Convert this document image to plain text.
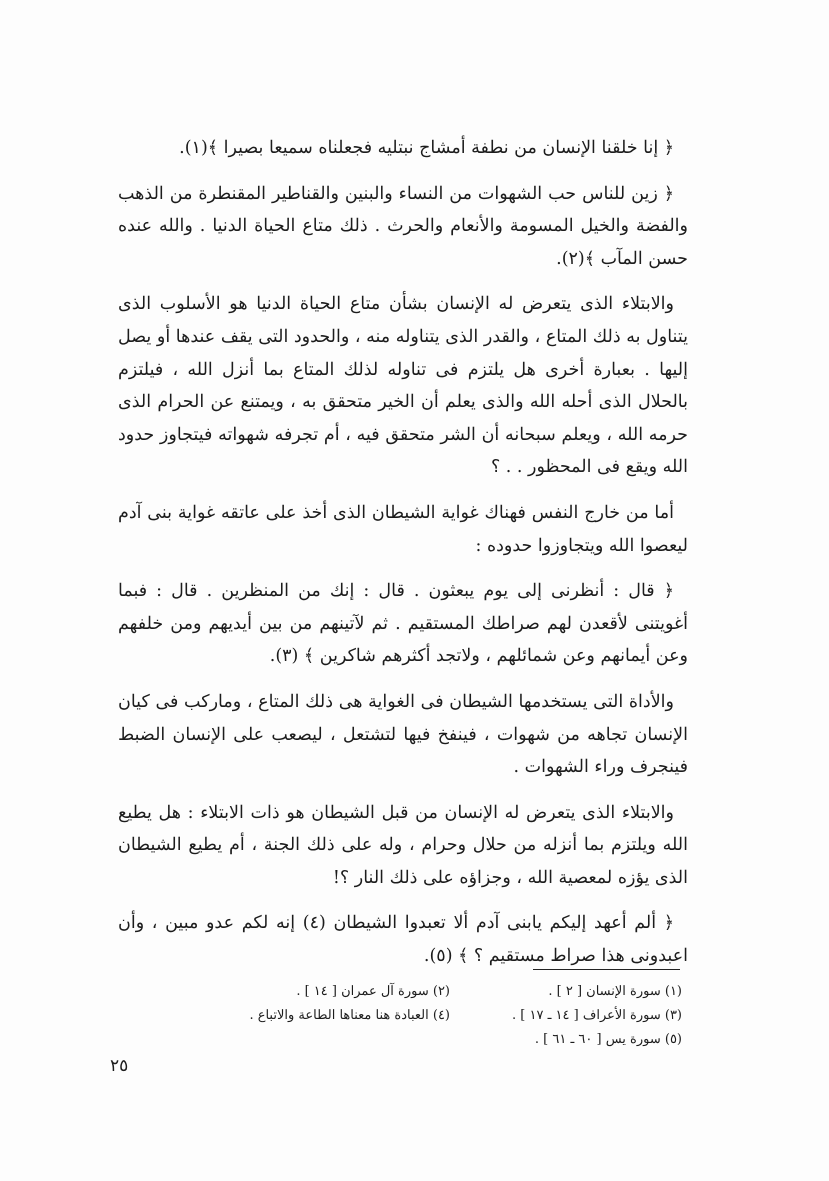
﴿ إنا خلقنا الإنسان من نطفة أمشاج نبتليه فجعلناه سميعا بصيرا ﴾(١).

﴿ زين للناس حب الشهوات من النساء والبنين والقناطير المقنطرة من الذهب والفضة والخيل المسومة والأنعام والحرث . ذلك متاع الحياة الدنيا . والله عنده حسن المآب ﴾(٢).

والابتلاء الذى يتعرض له الإنسان بشأن متاع الحياة الدنيا هو الأسلوب الذى يتناول به ذلك المتاع ، والقدر الذى يتناوله منه ، والحدود التى يقف عندها أو يصل إليها . بعبارة أخرى هل يلتزم فى تناوله لذلك المتاع بما أنزل الله ، فيلتزم بالحلال الذى أحله الله والذى يعلم أن الخير متحقق به ، ويمتنع عن الحرام الذى حرمه الله ، ويعلم سبحانه أن الشر متحقق فيه ، أم تجرفه شهواته فيتجاوز حدود الله ويقع فى المحظور . . ؟

أما من خارج النفس فهناك غواية الشيطان الذى أخذ على عاتقه غواية بنى آدم ليعصوا الله ويتجاوزوا حدوده :

﴿ قال : أنظرنى إلى يوم يبعثون . قال : إنك من المنظرين . قال : فبما أغويتنى لأقعدن لهم صراطك المستقيم . ثم لآتينهم من بين أيديهم ومن خلفهم وعن أيمانهم وعن شمائلهم ، ولاتجد أكثرهم شاكرين ﴾ (٣).

والأداة التى يستخدمها الشيطان فى الغواية هى ذلك المتاع ، ومارکب فى كيان الإنسان تجاهه من شهوات ، فينفخ فيها لتشتعل ، ليصعب على الإنسان الضبط فينجرف وراء الشهوات .

والابتلاء الذى يتعرض له الإنسان من قبل الشيطان هو ذات الابتلاء : هل يطيع الله ويلتزم بما أنزله من حلال وحرام ، وله على ذلك الجنة ، أم يطيع الشيطان الذى يؤزه لمعصية الله ، وجزاؤه على ذلك النار ؟!

﴿ ألم أعهد إليكم يابنى آدم ألا تعبدوا الشيطان (٤) إنه لكم عدو مبين ، وأن اعبدونى هذا صراط مستقيم ؟ ﴾ (٥).

(١) سورة الإنسان [ ٢ ] .
(٢) سورة آل عمران [ ١٤ ] .
(٣) سورة الأعراف [ ١٤ ـ ١٧ ] .
(٤) العبادة هنا معناها الطاعة والاتباع .
(٥) سورة يس [ ٦٠ ـ ٦١ ] .
٢٥
